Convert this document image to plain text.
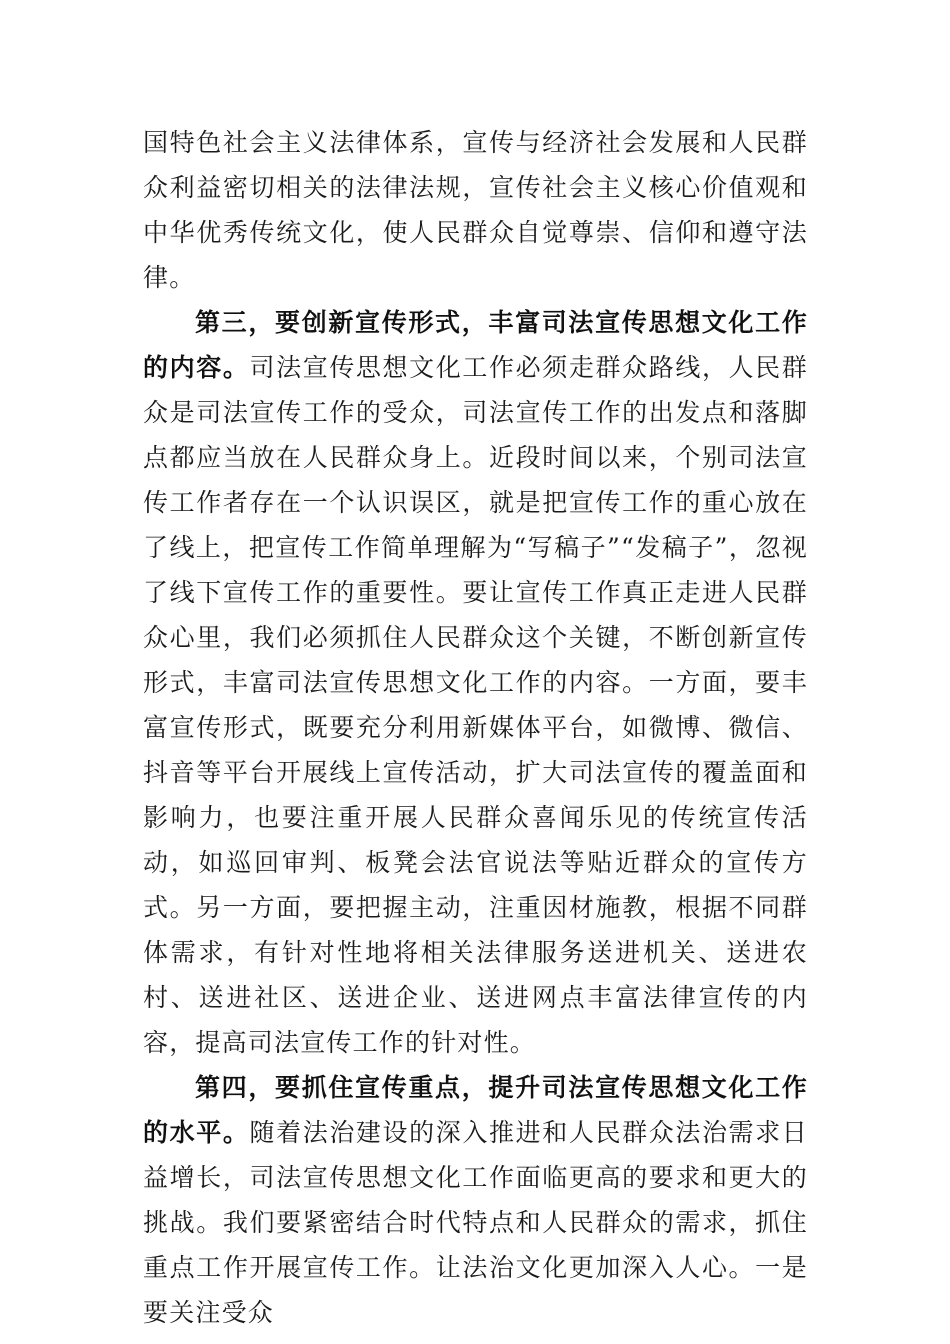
国特色社会主义法律体系，宣传与经济社会发展和人民群众利益密切相关的法律法规，宣传社会主义核心价值观和中华优秀传统文化，使人民群众自觉尊崇、信仰和遵守法律。

第三，要创新宣传形式，丰富司法宣传思想文化工作的内容。司法宣传思想文化工作必须走群众路线，人民群众是司法宣传工作的受众，司法宣传工作的出发点和落脚点都应当放在人民群众身上。近段时间以来，个别司法宣传工作者存在一个认识误区，就是把宣传工作的重心放在了线上，把宣传工作简单理解为“写稿子”“发稿子”，忽视了线下宣传工作的重要性。要让宣传工作真正走进人民群众心里，我们必须抓住人民群众这个关键，不断创新宣传形式，丰富司法宣传思想文化工作的内容。一方面，要丰富宣传形式，既要充分利用新媒体平台，如微博、微信、抖音等平台开展线上宣传活动，扩大司法宣传的覆盖面和影响力，也要注重开展人民群众喜闻乐见的传统宣传活动，如巡回审判、板凳会法官说法等贴近群众的宣传方式。另一方面，要把握主动，注重因材施教，根据不同群体需求，有针对性地将相关法律服务送进机关、送进农村、送进社区、送进企业、送进网点丰富法律宣传的内容，提高司法宣传工作的针对性。

第四，要抓住宣传重点，提升司法宣传思想文化工作的水平。随着法治建设的深入推进和人民群众法治需求日益增长，司法宣传思想文化工作面临更高的要求和更大的挑战。我们要紧密结合时代特点和人民群众的需求，抓住重点工作开展宣传工作。让法治文化更加深入人心。一是要关注受众
